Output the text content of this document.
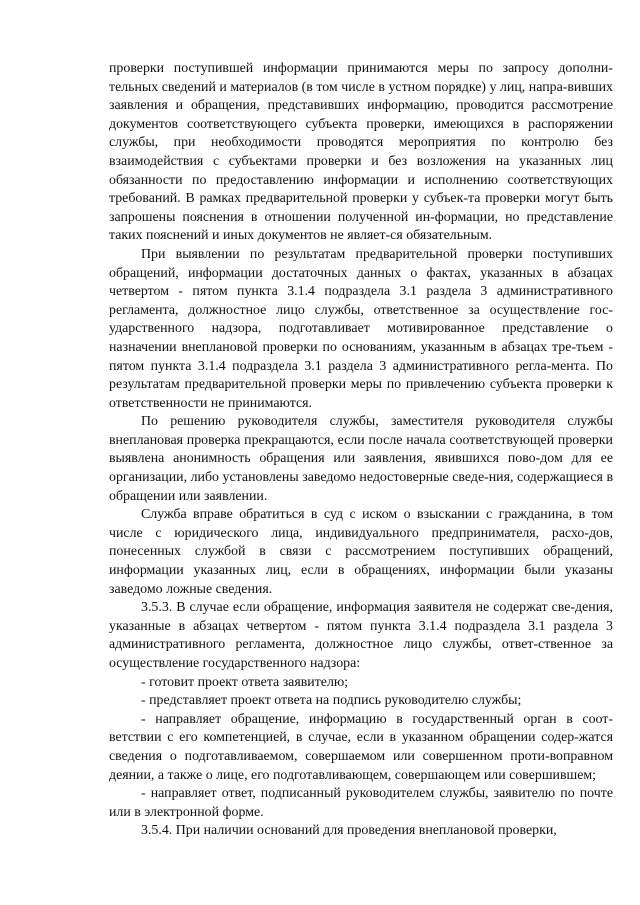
проверки поступившей информации принимаются меры по запросу дополни-тельных сведений и материалов (в том числе в устном порядке) у лиц, напра-вивших заявления и обращения, представивших информацию, проводится рассмотрение документов соответствующего субъекта проверки, имеющихся в распоряжении службы, при необходимости проводятся мероприятия по контролю без взаимодействия с субъектами проверки и без возложения на указанных лиц обязанности по предоставлению информации и исполнению соответствующих требований. В рамках предварительной проверки у субъек-та проверки могут быть запрошены пояснения в отношении полученной ин-формации, но представление таких пояснений и иных документов не являет-ся обязательным.

При выявлении по результатам предварительной проверки поступивших обращений, информации достаточных данных о фактах, указанных в абзацах четвертом - пятом пункта 3.1.4 подраздела 3.1 раздела 3 административного регламента, должностное лицо службы, ответственное за осуществление гос-ударственного надзора, подготавливает мотивированное представление о назначении внеплановой проверки по основаниям, указанным в абзацах тре-тьем - пятом пункта 3.1.4 подраздела 3.1 раздела 3 административного регла-мента. По результатам предварительной проверки меры по привлечению субъекта проверки к ответственности не принимаются.

По решению руководителя службы, заместителя руководителя службы внеплановая проверка прекращаются, если после начала соответствующей проверки выявлена анонимность обращения или заявления, явившихся пово-дом для ее организации, либо установлены заведомо недостоверные сведе-ния, содержащиеся в обращении или заявлении.

Служба вправе обратиться в суд с иском о взыскании с гражданина, в том числе с юридического лица, индивидуального предпринимателя, расхо-дов, понесенных службой в связи с рассмотрением поступивших обращений, информации указанных лиц, если в обращениях, информации были указаны заведомо ложные сведения.

3.5.3. В случае если обращение, информация заявителя не содержат све-дения, указанные в абзацах четвертом - пятом пункта 3.1.4 подраздела 3.1 раздела 3 административного регламента, должностное лицо службы, ответ-ственное за осуществление государственного надзора:

- готовит проект ответа заявителю;

- представляет проект ответа на подпись руководителю службы;

- направляет обращение, информацию в государственный орган в соот-ветствии с его компетенцией, в случае, если в указанном обращении содер-жатся сведения о подготавливаемом, совершаемом или совершенном проти-воправном деянии, а также о лице, его подготавливающем, совершающем или совершившем;

- направляет ответ, подписанный руководителем службы, заявителю по почте или в электронной форме.

3.5.4. При наличии оснований для проведения внеплановой проверки,
